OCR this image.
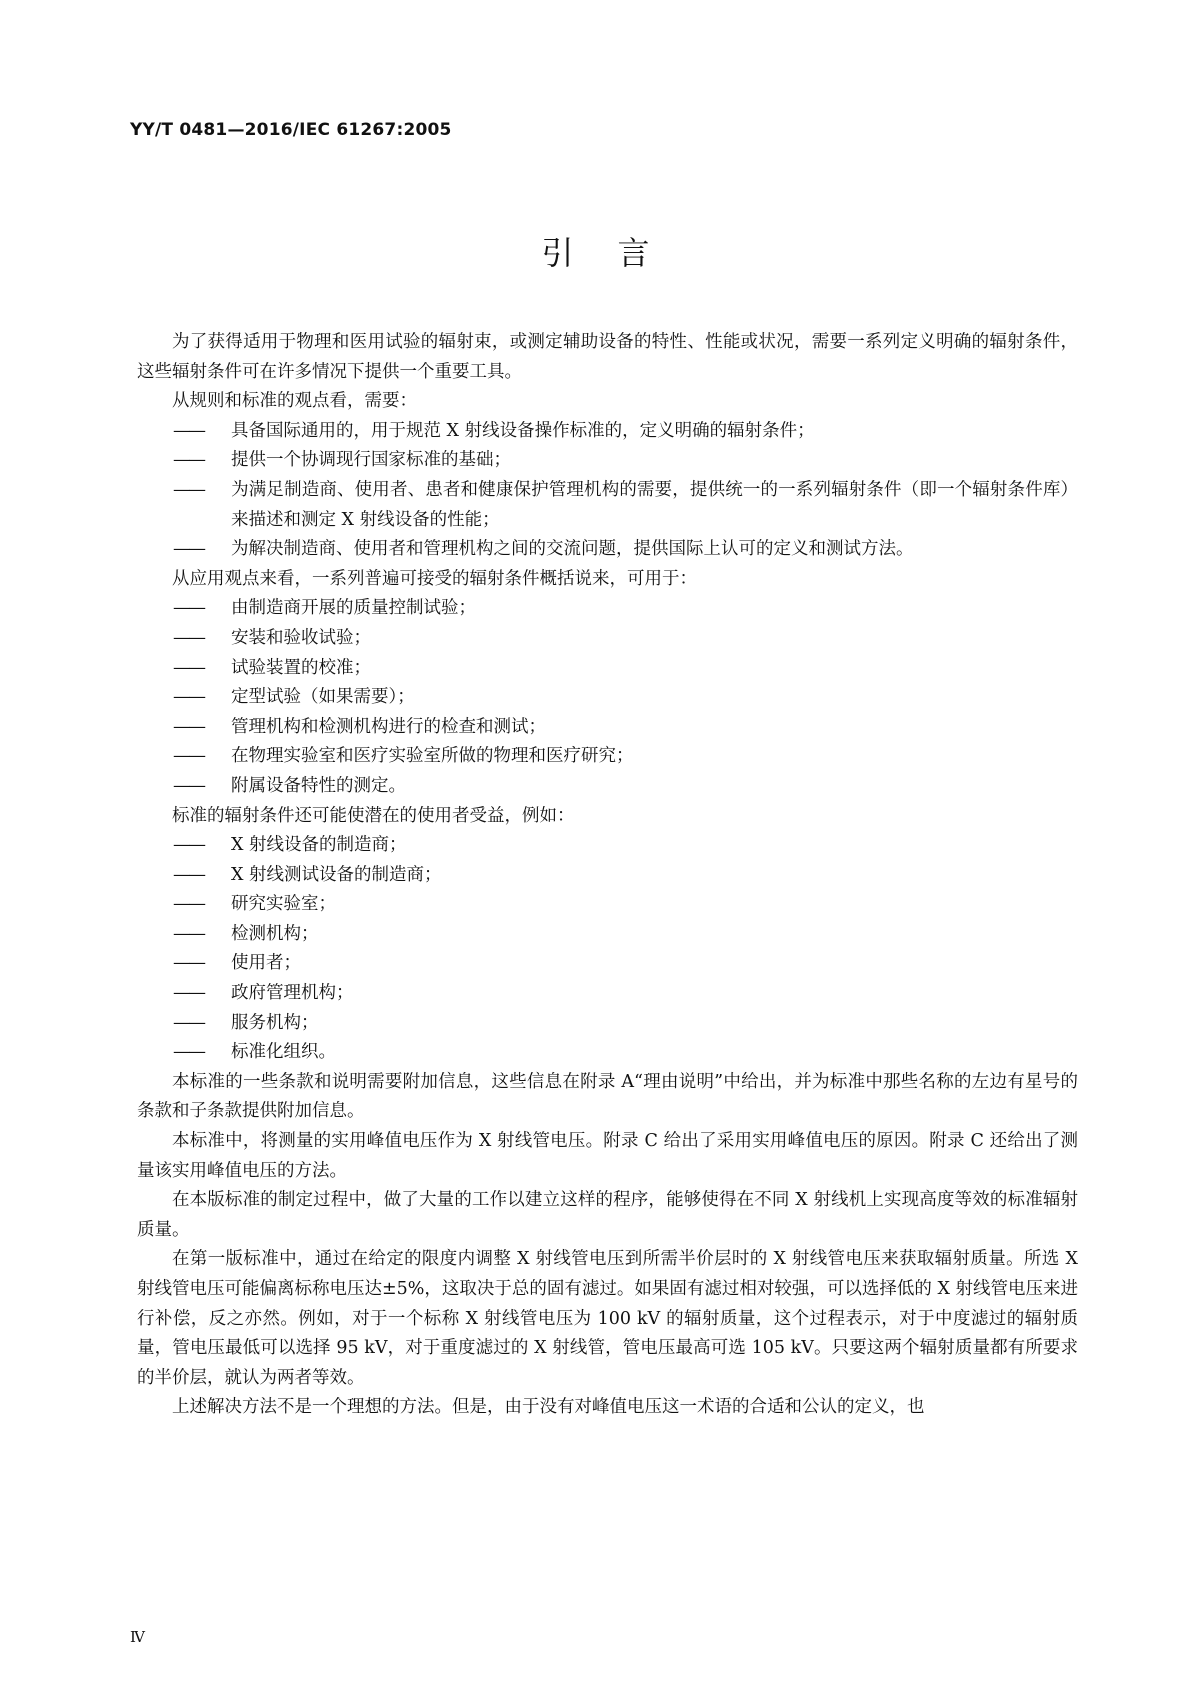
YY/T 0481—2016/IEC 61267:2005

引言

为了获得适用于物理和医用试验的辐射束，或测定辅助设备的特性、性能或状况，需要一系列定义明确的辐射条件，这些辐射条件可在许多情况下提供一个重要工具。

从规则和标准的观点看，需要：

—— 具备国际通用的，用于规范 X 射线设备操作标准的，定义明确的辐射条件；

—— 提供一个协调现行国家标准的基础；

—— 为满足制造商、使用者、患者和健康保护管理机构的需要，提供统一的一系列辐射条件（即一个辐射条件库）来描述和测定 X 射线设备的性能；

—— 为解决制造商、使用者和管理机构之间的交流问题，提供国际上认可的定义和测试方法。

从应用观点来看，一系列普遍可接受的辐射条件概括说来，可用于：

—— 由制造商开展的质量控制试验；

—— 安装和验收试验；

—— 试验装置的校准；

—— 定型试验（如果需要）；

—— 管理机构和检测机构进行的检查和测试；

—— 在物理实验室和医疗实验室所做的物理和医疗研究；

—— 附属设备特性的测定。

标准的辐射条件还可能使潜在的使用者受益，例如：

—— X 射线设备的制造商；

—— X 射线测试设备的制造商；

—— 研究实验室；

—— 检测机构；

—— 使用者；

—— 政府管理机构；

—— 服务机构；

—— 标准化组织。

本标准的一些条款和说明需要附加信息，这些信息在附录 A“理由说明”中给出，并为标准中那些名称的左边有星号的条款和子条款提供附加信息。

本标准中，将测量的实用峰值电压作为 X 射线管电压。附录 C 给出了采用实用峰值电压的原因。附录 C 还给出了测量该实用峰值电压的方法。

在本版标准的制定过程中，做了大量的工作以建立这样的程序，能够使得在不同 X 射线机上实现高度等效的标准辐射质量。

在第一版标准中，通过在给定的限度内调整 X 射线管电压到所需半价层时的 X 射线管电压来获取辐射质量。所选 X 射线管电压可能偏离标称电压达±5%，这取决于总的固有滤过。如果固有滤过相对较强，可以选择低的 X 射线管电压来进行补偿，反之亦然。例如，对于一个标称 X 射线管电压为 100 kV 的辐射质量，这个过程表示，对于中度滤过的辐射质量，管电压最低可以选择 95 kV，对于重度滤过的 X 射线管，管电压最高可选 105 kV。只要这两个辐射质量都有所要求的半价层，就认为两者等效。

上述解决方法不是一个理想的方法。但是，由于没有对峰值电压这一术语的合适和公认的定义，也

Ⅳ
